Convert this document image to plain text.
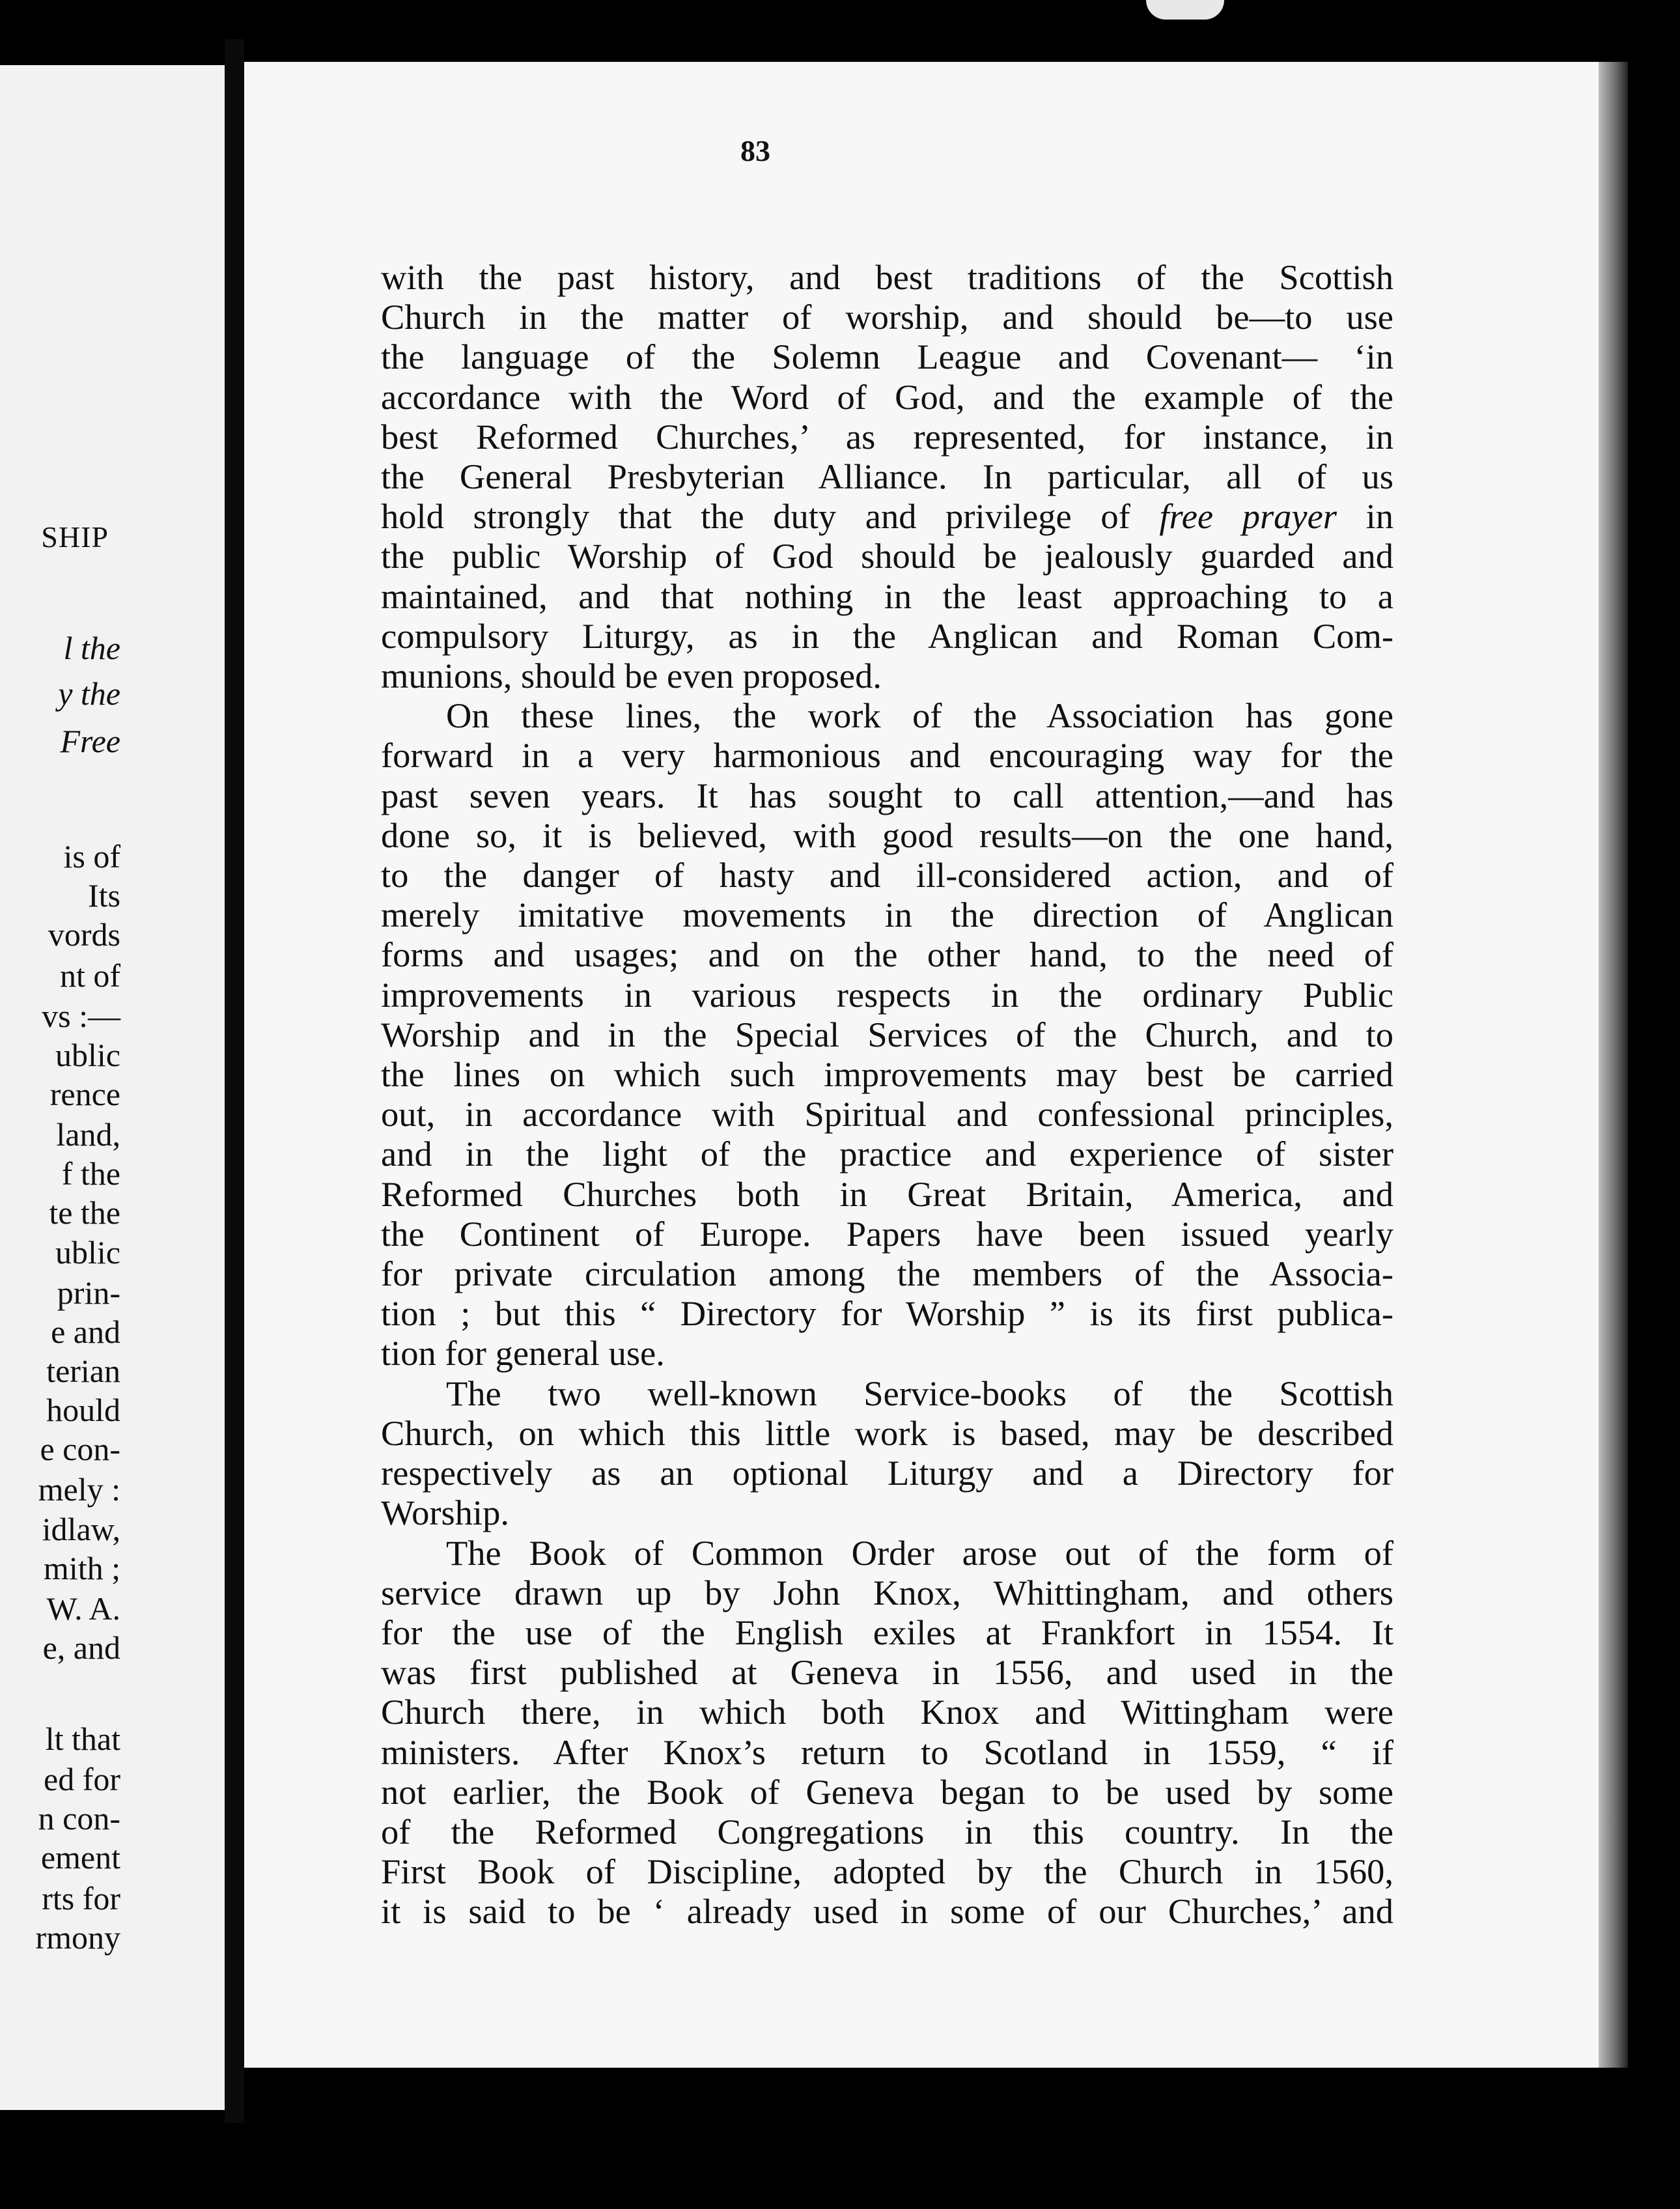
SHIP

l the

y the

Free

is of

Its

vords

nt of

vs :—

ublic

rence

land,

f the

te the

ublic

prin-

e and

terian

hould

e con-

mely :

idlaw,

mith ;

W. A.

e, and

lt that

ed for

n con-

ement

rts for

rmony

83

with the past history, and best traditions of the Scottish

Church in the matter of worship, and should be—to use

the language of the Solemn League and Covenant— ‘in

accordance with the Word of God, and the example of the

best Reformed Churches,’ as represented, for instance, in

the General Presbyterian Alliance. In particular, all of us

hold strongly that the duty and privilege of free prayer in

the public Worship of God should be jealously guarded and

maintained, and that nothing in the least approaching to a

compulsory Liturgy, as in the Anglican and Roman Com-

munions, should be even proposed.

On these lines, the work of the Association has gone

forward in a very harmonious and encouraging way for the

past seven years. It has sought to call attention,—and has

done so, it is believed, with good results—on the one hand,

to the danger of hasty and ill-considered action, and of

merely imitative movements in the direction of Anglican

forms and usages; and on the other hand, to the need of

improvements in various respects in the ordinary Public

Worship and in the Special Services of the Church, and to

the lines on which such improvements may best be carried

out, in accordance with Spiritual and confessional principles,

and in the light of the practice and experience of sister

Reformed Churches both in Great Britain, America, and

the Continent of Europe. Papers have been issued yearly

for private circulation among the members of the Associa-

tion ; but this “ Directory for Worship ” is its first publica-

tion for general use.

The two well-known Service-books of the Scottish

Church, on which this little work is based, may be described

respectively as an optional Liturgy and a Directory for

Worship.

The Book of Common Order arose out of the form of

service drawn up by John Knox, Whittingham, and others

for the use of the English exiles at Frankfort in 1554. It

was first published at Geneva in 1556, and used in the

Church there, in which both Knox and Wittingham were

ministers. After Knox’s return to Scotland in 1559, “ if

not earlier, the Book of Geneva began to be used by some

of the Reformed Congregations in this country. In the

First Book of Discipline, adopted by the Church in 1560,

it is said to be ‘ already used in some of our Churches,’ and
